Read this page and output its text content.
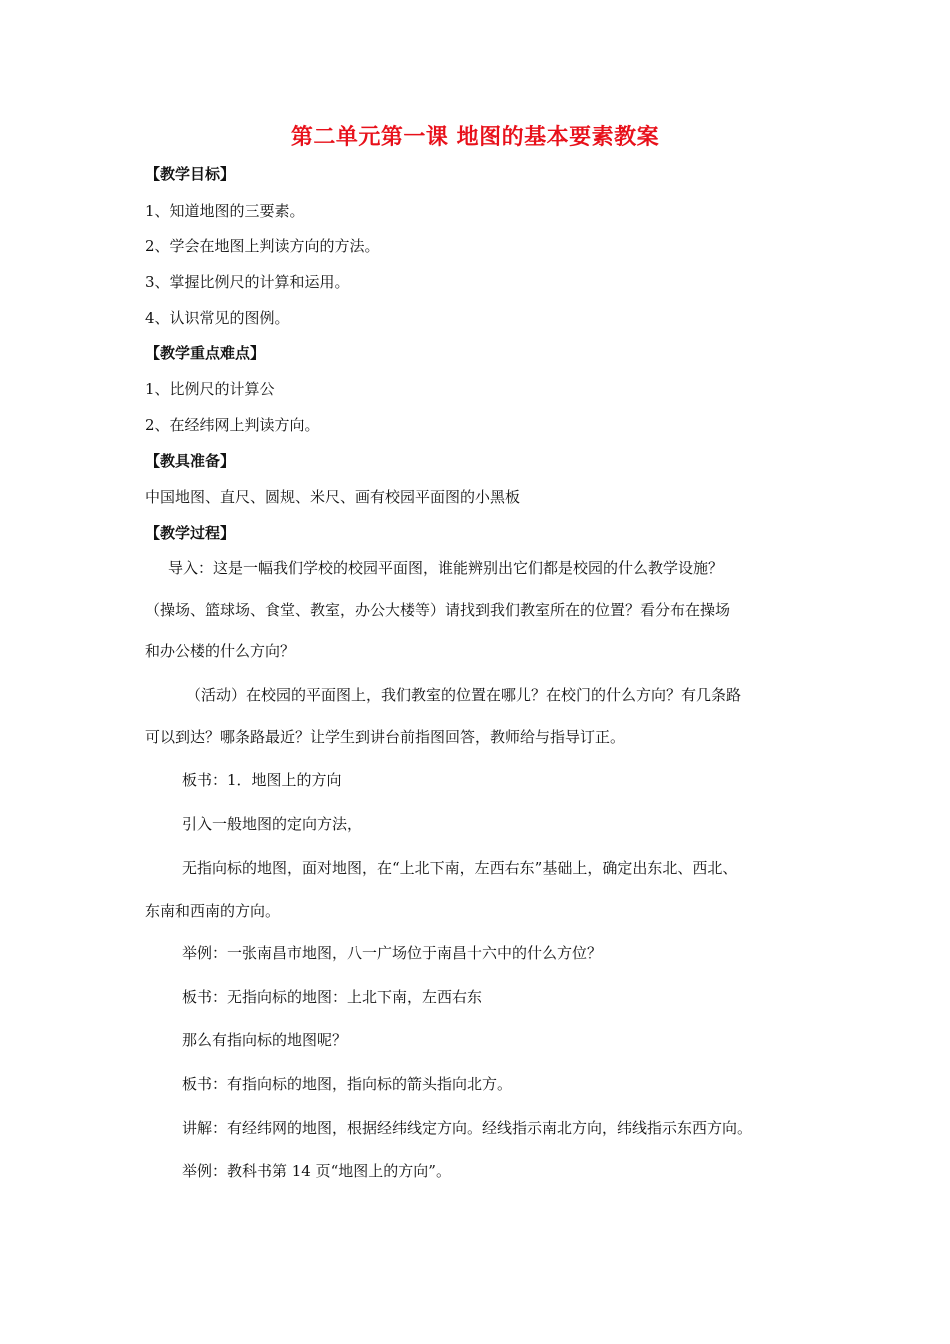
第二单元第一课 地图的基本要素教案
【教学目标】
1、知道地图的三要素。
2、学会在地图上判读方向的方法。
3、掌握比例尺的计算和运用。
4、认识常见的图例。
【教学重点难点】
1、比例尺的计算公
2、在经纬网上判读方向。
【教具准备】
中国地图、直尺、圆规、米尺、画有校园平面图的小黑板
【教学过程】
导入：这是一幅我们学校的校园平面图，谁能辨别出它们都是校园的什么教学设施？
（操场、篮球场、食堂、教室，办公大楼等）请找到我们教室所在的位置？看分布在操场
和办公楼的什么方向？
（活动）在校园的平面图上，我们教室的位置在哪儿？在校门的什么方向？有几条路
可以到达？哪条路最近？让学生到讲台前指图回答，教师给与指导订正。
板书：1．地图上的方向
引入一般地图的定向方法，
无指向标的地图，面对地图，在“上北下南，左西右东”基础上，确定出东北、西北、
东南和西南的方向。
举例：一张南昌市地图，八一广场位于南昌十六中的什么方位？
板书：无指向标的地图：上北下南，左西右东
那么有指向标的地图呢？
板书：有指向标的地图，指向标的箭头指向北方。
讲解：有经纬网的地图，根据经纬线定方向。经线指示南北方向，纬线指示东西方向。
举例：教科书第 14 页“地图上的方向”。
